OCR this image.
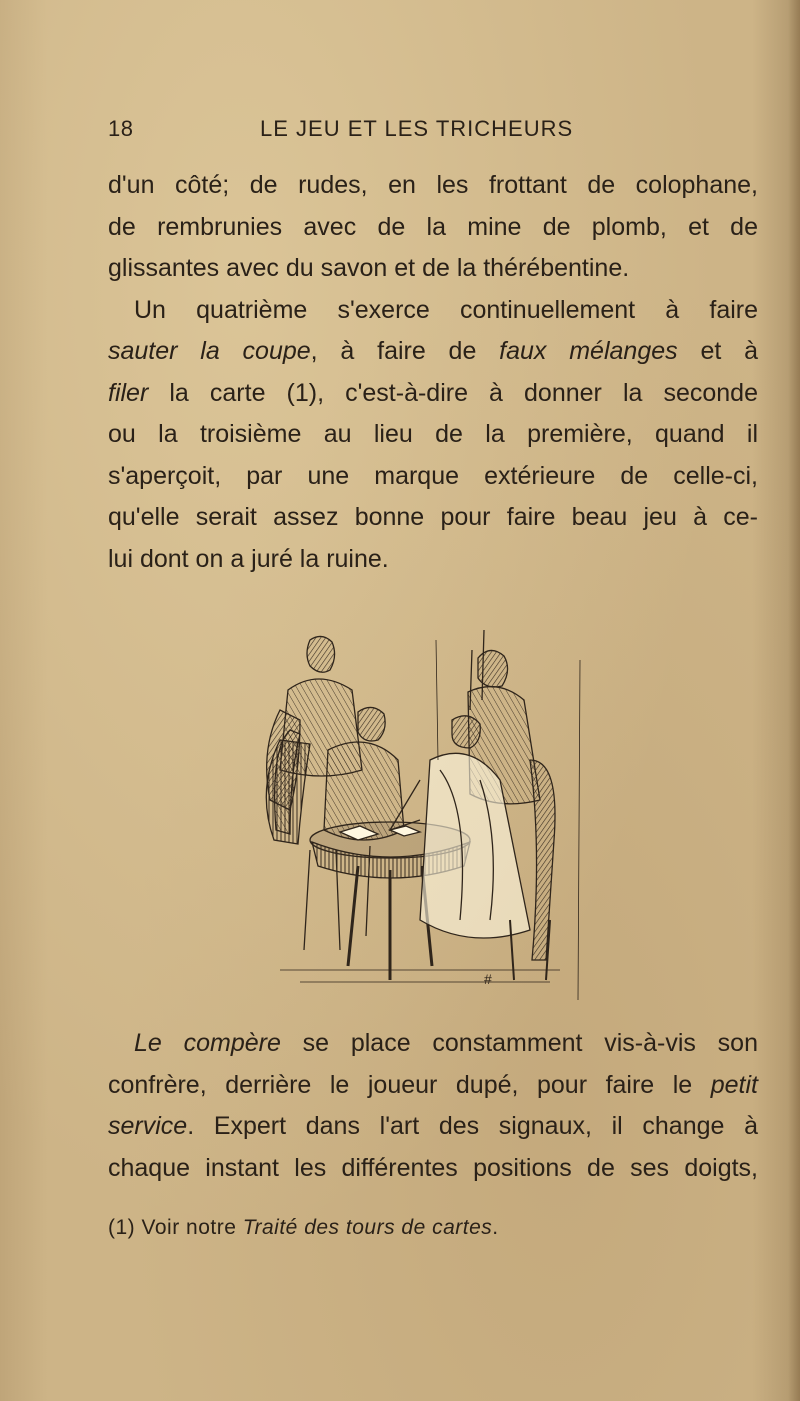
18	LE JEU ET LES TRICHEURS
d'un côté; de rudes, en les frottant de colophane,
de rembrunies avec de la mine de plomb, et de
glissantes avec du savon et de la thérébentine.
Un quatrième s'exerce continuellement à faire
sauter la coupe, à faire de faux mélanges et à
filer la carte (1), c'est-à-dire à donner la seconde
ou la troisième au lieu de la première, quand il
s'aperçoit, par une marque extérieure de celle-ci,
qu'elle serait assez bonne pour faire beau jeu à ce-
lui dont on a juré la ruine.
#
Le compère se place constamment vis-à-vis son
confrère, derrière le joueur dupé, pour faire le petit
service. Expert dans l'art des signaux, il change à
chaque instant les différentes positions de ses doigts,
(1) Voir notre Traité des tours de cartes.
